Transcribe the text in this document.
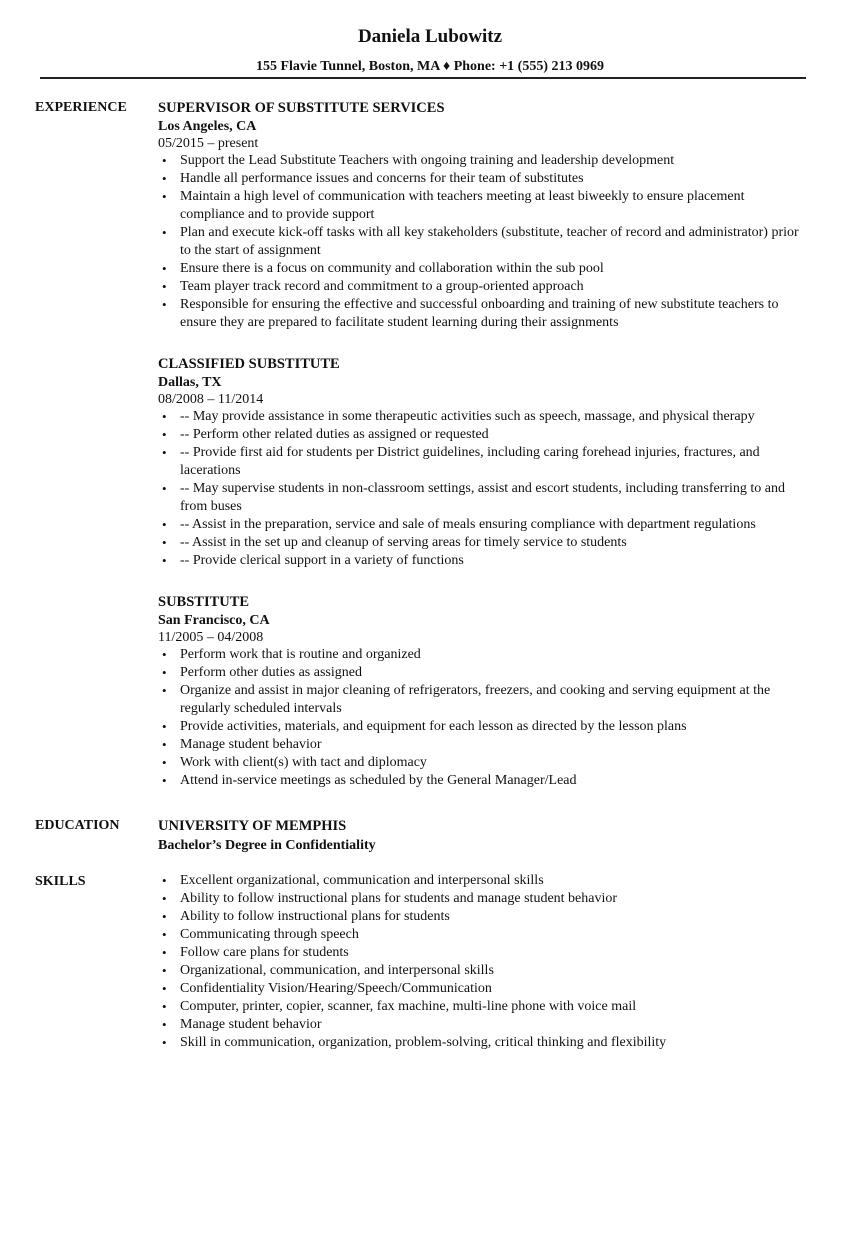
Daniela Lubowitz
155 Flavie Tunnel, Boston, MA ♦ Phone: +1 (555) 213 0969
EXPERIENCE SUPERVISOR OF SUBSTITUTE SERVICES
Los Angeles, CA
05/2015 – present
• Support the Lead Substitute Teachers with ongoing training and leadership development
• Handle all performance issues and concerns for their team of substitutes
• Maintain a high level of communication with teachers meeting at least biweekly to ensure placement compliance and to provide support
• Plan and execute kick-off tasks with all key stakeholders (substitute, teacher of record and administrator) prior to the start of assignment
• Ensure there is a focus on community and collaboration within the sub pool
• Team player track record and commitment to a group-oriented approach
• Responsible for ensuring the effective and successful onboarding and training of new substitute teachers to ensure they are prepared to facilitate student learning during their assignments
CLASSIFIED SUBSTITUTE
Dallas, TX
08/2008 – 11/2014
• -- May provide assistance in some therapeutic activities such as speech, massage, and physical therapy
• -- Perform other related duties as assigned or requested
• -- Provide first aid for students per District guidelines, including caring forehead injuries, fractures, and lacerations
• -- May supervise students in non-classroom settings, assist and escort students, including transferring to and from buses
• -- Assist in the preparation, service and sale of meals ensuring compliance with department regulations
• -- Assist in the set up and cleanup of serving areas for timely service to students
• -- Provide clerical support in a variety of functions
SUBSTITUTE
San Francisco, CA
11/2005 – 04/2008
• Perform work that is routine and organized
• Perform other duties as assigned
• Organize and assist in major cleaning of refrigerators, freezers, and cooking and serving equipment at the regularly scheduled intervals
• Provide activities, materials, and equipment for each lesson as directed by the lesson plans
• Manage student behavior
• Work with client(s) with tact and diplomacy
• Attend in-service meetings as scheduled by the General Manager/Lead
EDUCATION	UNIVERSITY OF MEMPHIS
Bachelor’s Degree in Confidentiality
SKILLS
•	Excellent organizational, communication and interpersonal skills
• Ability to follow instructional plans for students and manage student behavior
• Ability to follow instructional plans for students
• Communicating through speech
• Follow care plans for students
• Organizational, communication, and interpersonal skills
• Confidentiality Vision/Hearing/Speech/Communication
• Computer, printer, copier, scanner, fax machine, multi-line phone with voice mail
• Manage student behavior
• Skill in communication, organization, problem-solving, critical thinking and flexibility
